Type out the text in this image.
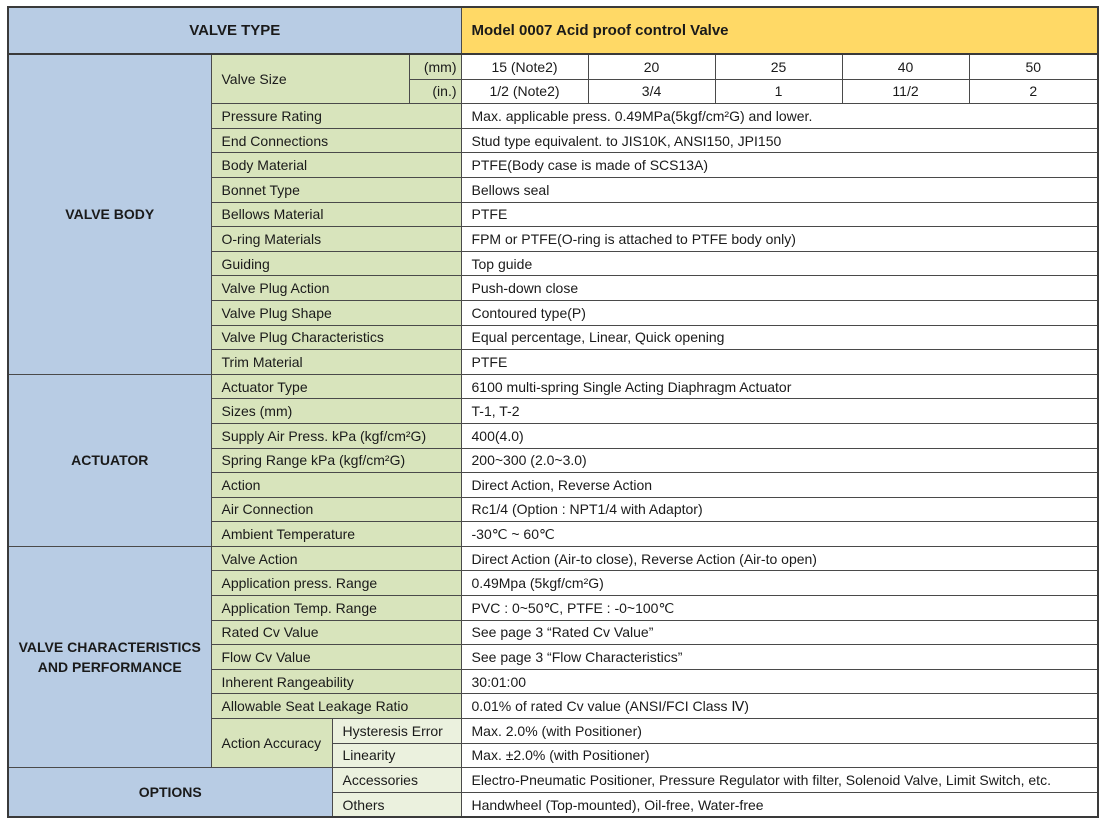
VALVE TYPE				Model 0007 Acid proof control Valve				
VALVE BODY	Valve Size		(mm)	15 (Note2)	20	25	40	50
			(in.)	1/2 (Note2)	3/4	1	11/2	2
	Pressure Rating			Max. applicable press. 0.49MPa(5kgf/cm²G) and lower.				
	End Connections			Stud type equivalent. to JIS10K, ANSI150, JPI150				
	Body Material			PTFE(Body case is made of SCS13A)				
	Bonnet Type			Bellows seal				
	Bellows Material			PTFE				
	O-ring Materials			FPM or PTFE(O-ring is attached to PTFE body only)				
	Guiding			Top guide				
	Valve Plug Action			Push-down close				
	Valve Plug Shape			Contoured type(P)				
	Valve Plug Characteristics			Equal percentage, Linear, Quick opening				
	Trim Material			PTFE				
ACTUATOR	Actuator Type			6100 multi-spring Single Acting Diaphragm Actuator				
	Sizes (mm)			T-1, T-2				
	Supply Air Press. kPa (kgf/cm²G)			400(4.0)				
	Spring Range kPa (kgf/cm²G)			200~300 (2.0~3.0)				
	Action			Direct Action, Reverse Action				
	Air Connection			Rc1/4 (Option : NPT1/4 with Adaptor)				
	Ambient Temperature			-30℃ ~ 60℃				

VALVE CHARACTERISTICS
AND PERFORMANCE	Valve Action			Direct Action (Air-to close), Reverse Action (Air-to open)				
	Application press. Range			0.49Mpa (5kgf/cm²G)				
	Application Temp. Range			PVC : 0~50℃, PTFE : -0~100℃				
	Rated Cv Value			See page 3 “Rated Cv Value”				
	Flow Cv Value			See page 3 “Flow Characteristics”				
	Inherent Rangeability			30:01:00				
	Allowable Seat Leakage Ratio			0.01% of rated Cv value (ANSI/FCI Class Ⅳ)				
	Action Accuracy	Hysteresis Error		Max. 2.0% (with Positioner)				
		Linearity		Max. ±2.0% (with Positioner)				
OPTIONS		Accessories		Electro-Pneumatic Positioner, Pressure Regulator with filter, Solenoid Valve, Limit Switch, etc.				
		Others		Handwheel (Top-mounted), Oil-free, Water-free				
